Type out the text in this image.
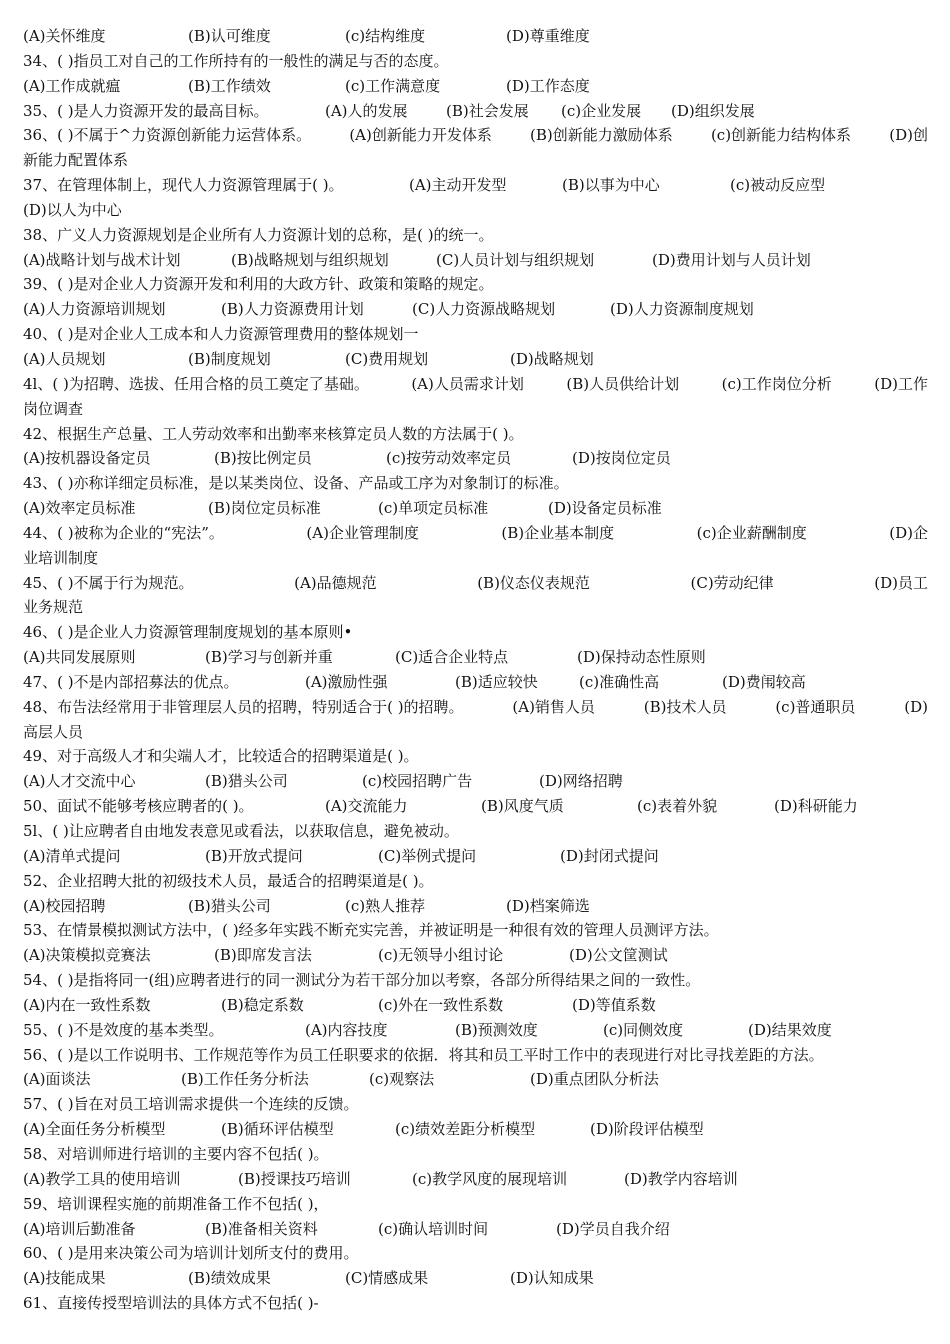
(A)关怀维度	(B)认可维度	(c)结构维度	(D)尊重维度
34、( )指员工对自己的工作所持有的一般性的满足与否的态度。
(A)工作成就瘟	(B)工作绩效	(c)工作满意度	(D)工作态度
35、( )是人力资源开发的最高目标。	(A)人的发展	(B)社会发展 (c)企业发展 (D)组织发展
36、( )不属于^力资源创新能力运营体系。	(A)创新能力开发体系	(B)创新能力激励体系	(c)创新能力结构体系	(D)创
新能力配置体系
37、在管理体制上，现代人力资源管理属于( )。	(A)主动开发型	(B)以事为中心	(c)被动反应型
(D)以人为中心
38、广义人力资源规划是企业所有人力资源计划的总称，是( )的统一。
(A)战略计划与战术计划	(B)战略规划与组织规划	(C)人员计划与组织规划	(D)费用计划与人员计划
39、( )是对企业人力资源开发和利用的大政方针、政策和策略的规定。
(A)人力资源培训规划	(B)人力资源费用计划	(C)人力资源战略规划	(D)人力资源制度规划
40、( )是对企业人工成本和人力资源管理费用的整体规划一
(A)人员规划	(B)制度规划	(C)费用规划	(D)战略规划
4l、( )为招聘、选拔、任用合格的员工奠定了基础。	(A)人员需求计划	(B)人员供给计划	(c)工作岗位分析	(D)工作
岗位调查
42、根据生产总量、工人劳动效率和出勤率来核算定员人数的方法属于( )。
(A)按机器设备定员	(B)按比例定员	(c)按劳动效率定员	(D)按岗位定员
43、( )亦称详细定员标准，是以某类岗位、设备、产品或工序为对象制订的标准。
(A)效率定员标准	(B)岗位定员标准	(c)单项定员标准	(D)设备定员标准
44、( )被称为企业的“宪法”。	(A)企业管理制度	(B)企业基本制度	(c)企业薪酬制度	(D)企
业培训制度
45、( )不属于行为规范。	(A)品德规范	(B)仪态仪表规范	(C)劳动纪律	(D)员工
业务规范
46、( )是企业人力资源管理制度规划的基本原则•
(A)共同发展原则	(B)学习与创新并重	(C)适合企业特点	(D)保持动态性原则
47、( )不是内部招募法的优点。	(A)激励性强	(B)适应较快	(c)准确性高	(D)费闱较高
48、布告法经常用于非管理层人员的招聘，特别适合于( )的招聘。	(A)销售人员	(B)技术人员	(c)普通职员	(D)
高层人员
49、对于高级人才和尖端人才，比较适合的招聘渠道是( )。
(A)人才交流中心	(B)猎头公司	(c)校园招聘广告	(D)网络招聘
50、面试不能够考核应聘者的( )。	(A)交流能力	(B)风度气质	(c)表着外貌	(D)科研能力
5l、( )让应聘者自由地发表意见或看法，以获取信息，避免被动。
(A)清单式提问	(B)开放式提问	(C)举例式提问	(D)封闭式提问
52、企业招聘大批的初级技术人员，最适合的招聘渠道是( )。
(A)校园招聘	(B)猎头公司	(c)熟人推荐	(D)档案筛选
53、在情景模拟测试方法中，( )经多年实践不断充实完善，并被证明是一种很有效的管理人员测评方法。
(A)决策模拟竞赛法	(B)即席发言法	(c)无领导小组讨论	(D)公文筐测试
54、( )是指将同一(组)应聘者进行的同一测试分为若干部分加以考察，各部分所得结果之间的一致性。
(A)内在一致性系数	(B)稳定系数	(c)外在一致性系数	(D)等值系数
55、( )不是效度的基本类型。	(A)内容技度	(B)预测效度	(c)同侧效度	(D)结果效度
56、( )是以工作说明书、工作规范等作为员工任职要求的依据．将其和员工平时工作中的表现进行对比寻找差距的方法。
(A)面谈法	(B)工作任务分析法	(c)观察法	(D)重点团队分析法
57、( )旨在对员工培训需求提供一个连续的反馈。
(A)全面任务分析模型	(B)循环评估模型	(c)绩效差距分析模型	(D)阶段评估模型
58、对培训师进行培训的主要内容不包括( )。
(A)教学工具的使用培训	(B)授课技巧培训	(c)教学风度的展现培训	(D)教学内容培训
59、培训课程实施的前期准备工作不包括( )，
(A)培训后勤准备	(B)准备相关资料	(c)确认培训时间	(D)学员自我介绍
60、( )是用来决策公司为培训计划所支付的费用。
(A)技能成果	(B)绩效成果	(C)情感成果	(D)认知成果
61、直接传授型培训法的具体方式不包括( )-
